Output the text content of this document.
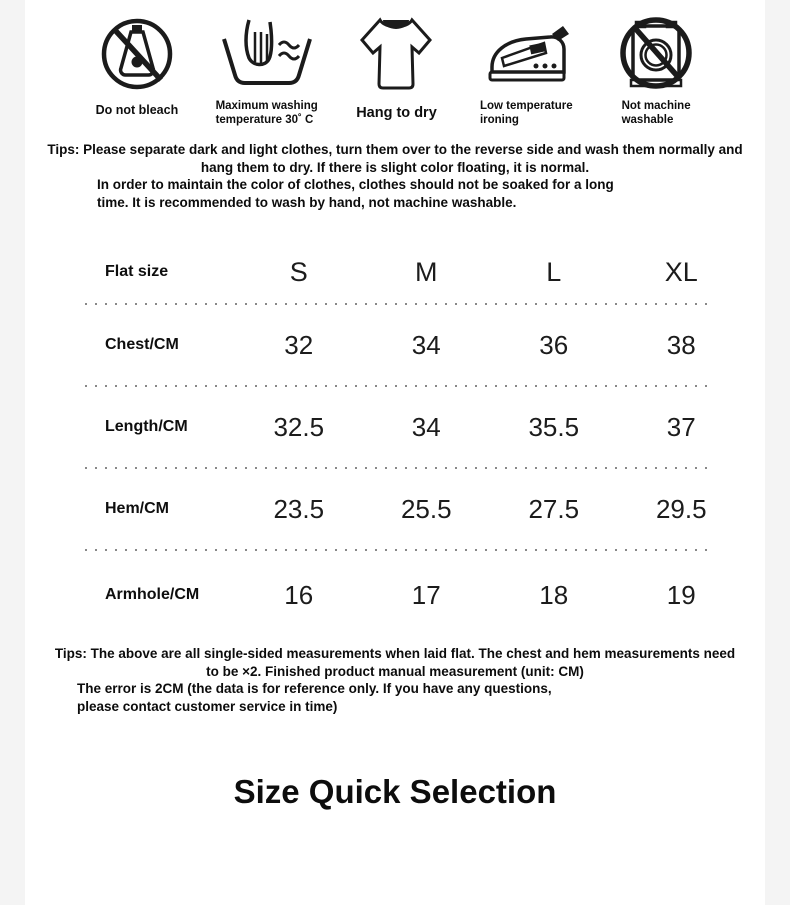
Do not bleach	Maximum washing
temperature 30˚ C	Hang to dry	Low temperature
ironing
Not machine
washable
Tips: Please separate dark and light clothes, turn them over to the reverse side and wash them normally and
hang them to dry. If there is slight color floating, it is normal.
In order to maintain the color of clothes, clothes should not be soaked for a long
time. It is recommended to wash by hand, not machine washable.
Flat size	S	M	L	XL
Chest/CM	32	34	36	38
Length/CM	32.5	34	35.5	37
Hem/CM	23.5	25.5	27.5	29.5
Armhole/CM	16	17	18	19
Tips: The above are all single-sided measurements when laid flat. The chest and hem measurements need
to be ×2. Finished product manual measurement (unit: CM)
The error is 2CM (the data is for reference only. If you have any questions,
please contact customer service in time)
Size Quick Selection
